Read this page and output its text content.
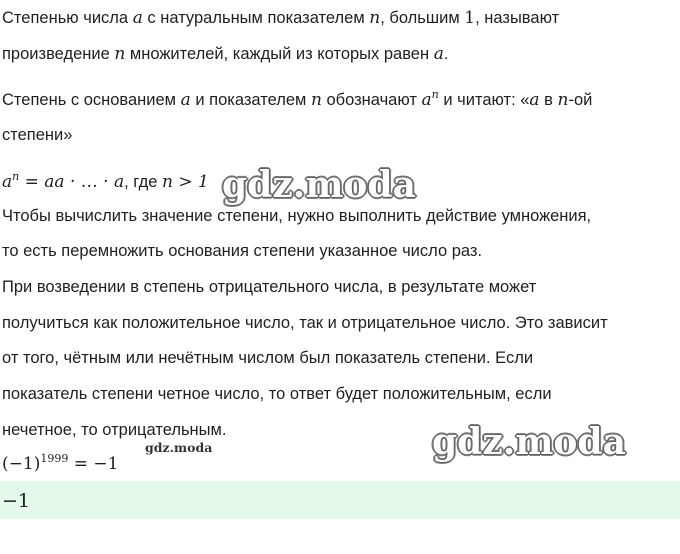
Степенью числа a с натуральным показателем n, большим 1, называют
произведение n множителей, каждый из которых равен a.
Степень с основанием a и показателем n обозначают $a^n$ и читают: «a в n-ой
степени»
$a^n$ = aa · … · a, где n > 1
Чтобы вычислить значение степени, нужно выполнить действие умножения,
то есть перемножить основания степени указанное число раз.
При возведении в степень отрицательного числа, в результате может
получиться как положительное число, так и отрицательное число. Это зависит
от того, чётным или нечётным числом был показатель степени. Если
показатель степени четное число, то ответ будет положительным, если
нечетное, то отрицательным.
$(-1)^{1999} = -1$
−1
gdz.moda
gdz.moda
gdz.moda
